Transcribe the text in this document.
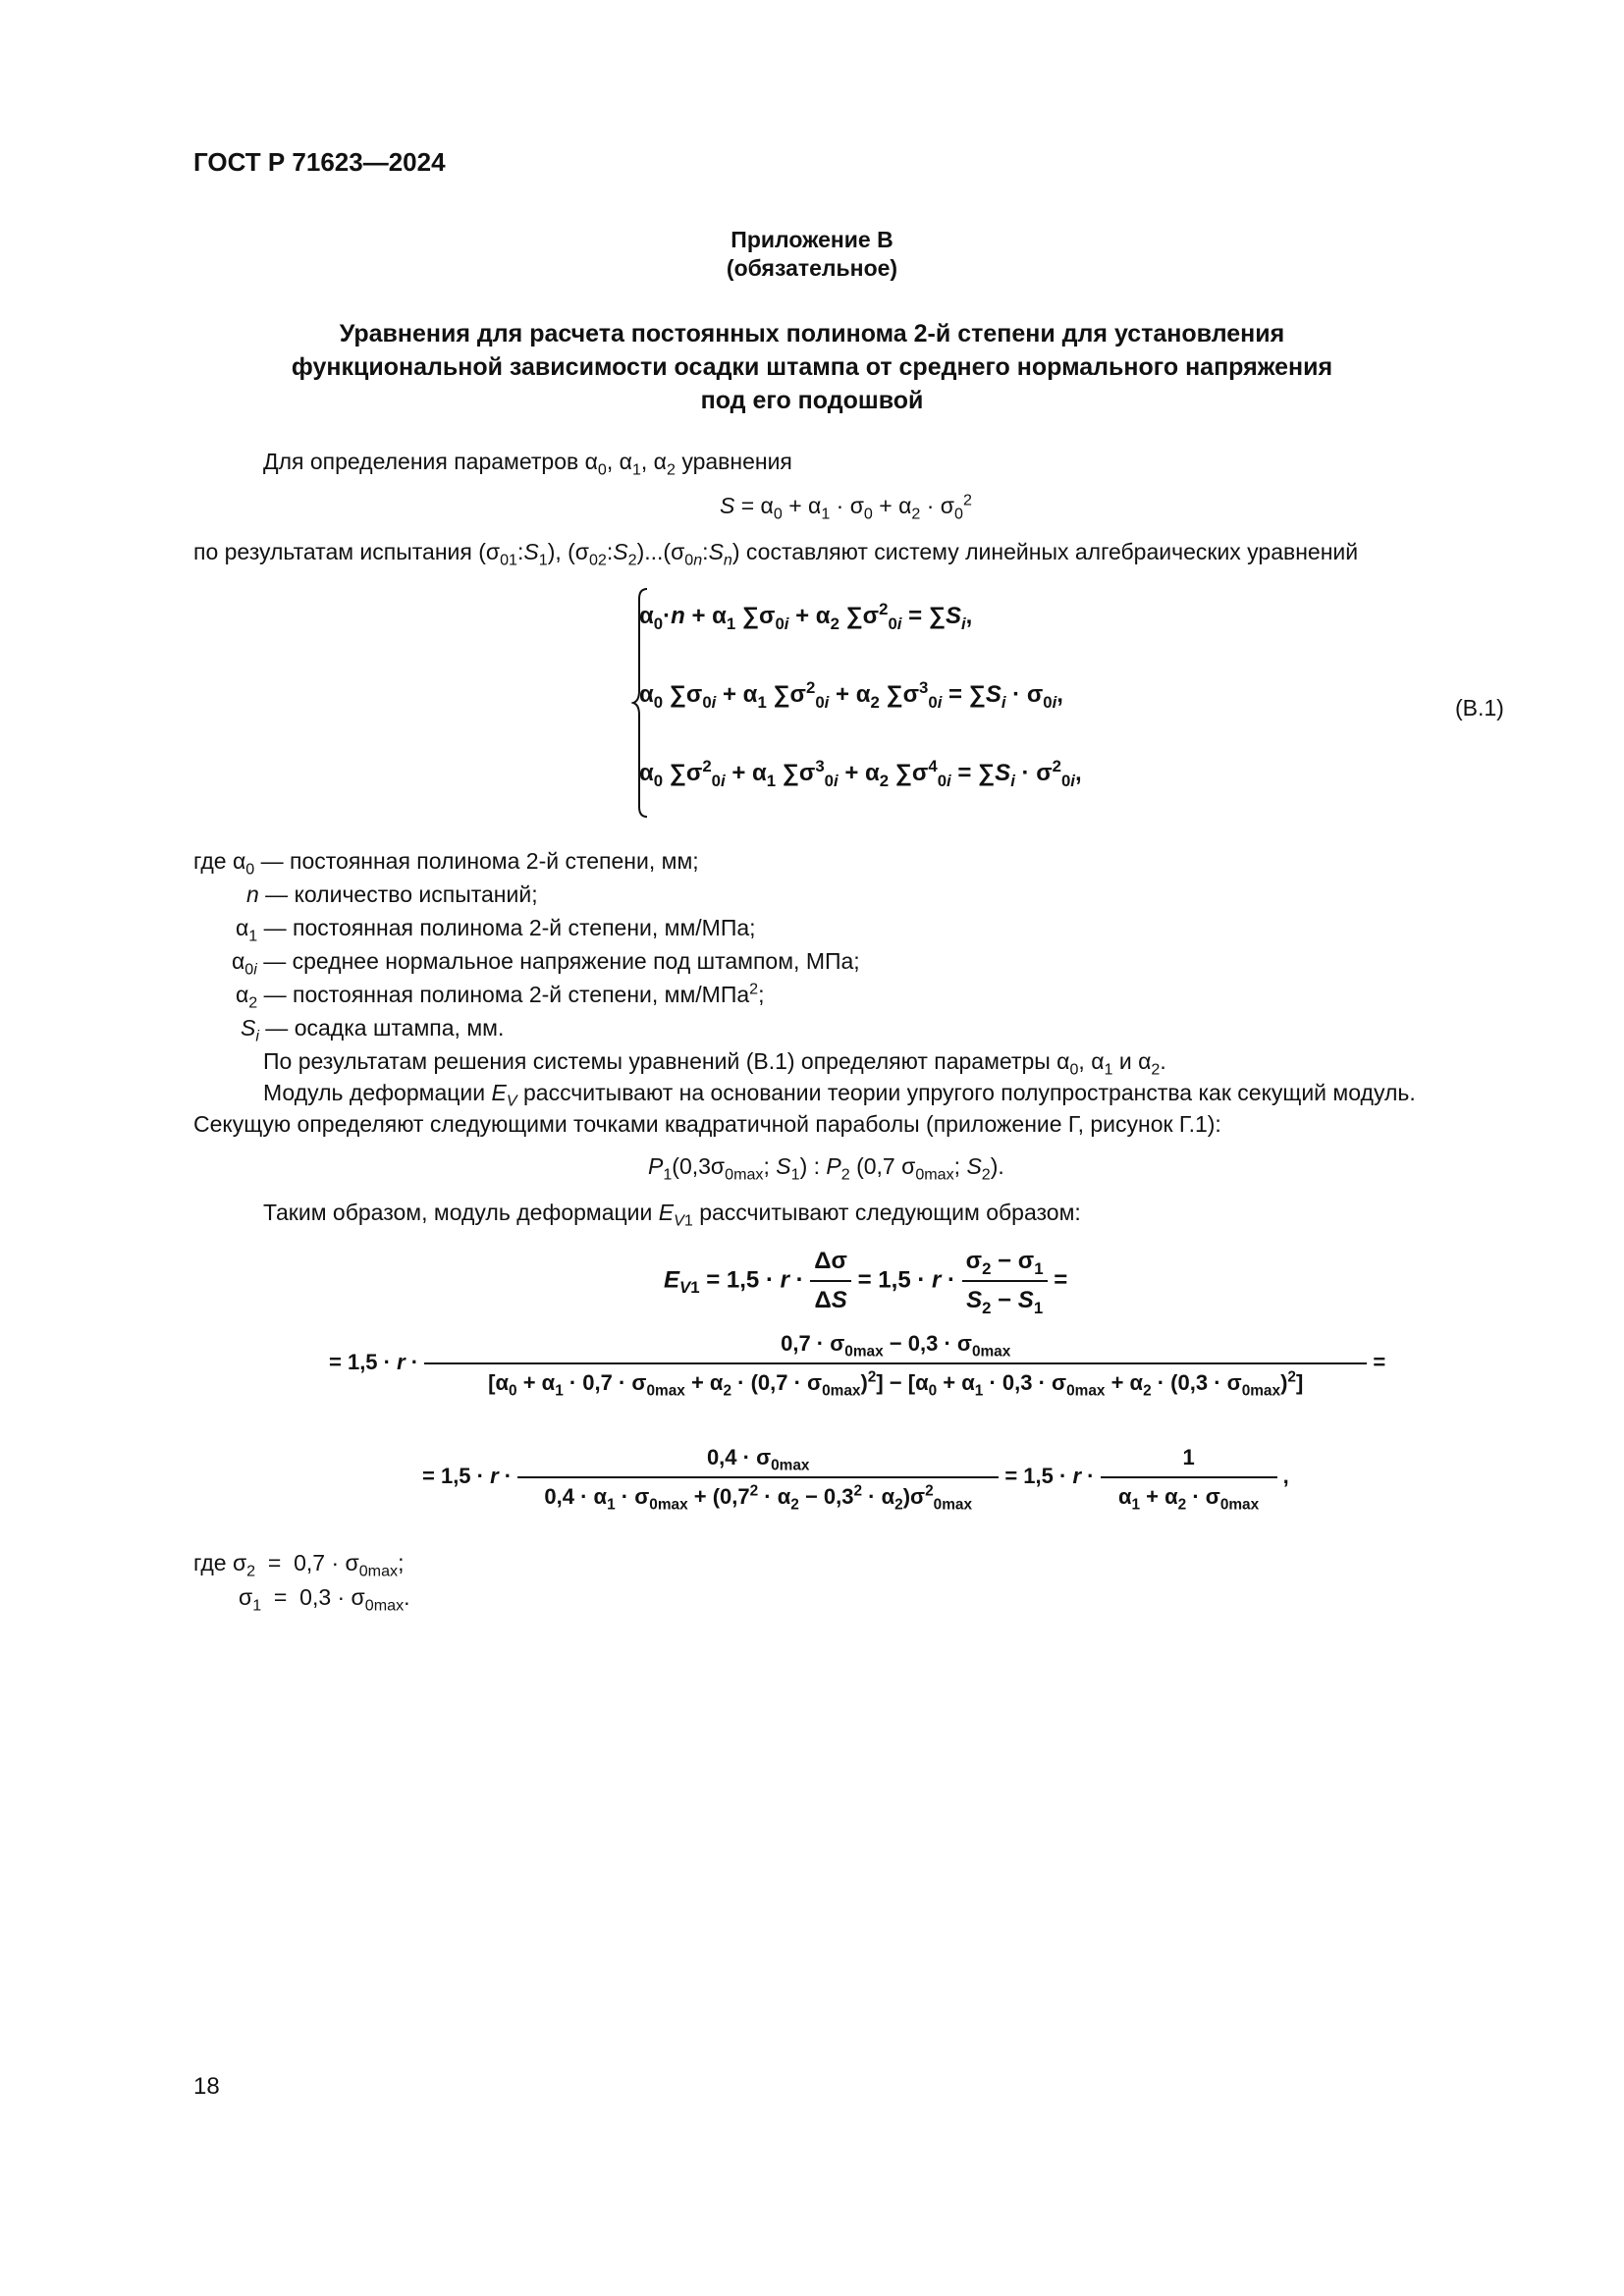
ГОСТ Р 71623—2024
Приложение В
(обязательное)
Уравнения для расчета постоянных полинома 2-й степени для установления
функциональной зависимости осадки штампа от среднего нормального напряжения
под его подошвой
Для определения параметров $\alpha_0$, $\alpha_1$, $\alpha_2$ уравнения
$S = \alpha_0 + \alpha_1 \cdot \sigma_0 + \alpha_2 \cdot \sigma_0^2$
по результатам испытания $(\sigma_{01}:S_1)$, $(\sigma_{02}:S_2)...(\sigma_{0n}:S_n)$ составляют систему линейных алгебраических уравнений
$\alpha_0\cdot n + \alpha_1$ $\sum\sigma_{0i} + \alpha_2$ $\sum\sigma^2_{0i} = \sum S_i$,
$\alpha_0$ $\sum\sigma_{0i} + \alpha_1$ $\sum\sigma^2_{0i} + \alpha_2$ $\sum\sigma^3_{0i} = \sum S_i \cdot \sigma_{0i}$,
$\alpha_0$ $\sum\sigma^2_{0i} + \alpha_1$ $\sum\sigma^3_{0i} + \alpha_2$ $\sum\sigma^4_{0i} = \sum S_i \cdot \sigma^2_{0i}$,
(В.1)
где $\alpha_0$ — постоянная полинома 2-й степени, мм;
n — количество испытаний;
$\alpha_1$ — постоянная полинома 2-й степени, мм/МПа;
$\alpha_{0i}$ — среднее нормальное напряжение под штампом, МПа;
$\alpha_2$ — постоянная полинома 2-й степени, мм/МПа$^2$;
$S_i$ — осадка штампа, мм.
По результатам решения системы уравнений (В.1) определяют параметры $\alpha_0$, $\alpha_1$ и $\alpha_2$.
Модуль деформации $E_V$ рассчитывают на основании теории упругого полупространства как секущий модуль.
Секущую определяют следующими точками квадратичной параболы (приложение Г, рисунок Г.1):
$P_1(0,3\sigma_{0max}$; $S_1$) : $P_2$ (0,7 $\sigma_{0max}$; $S_2$).
Таким образом, модуль деформации $E_{V1}$ рассчитывают следующим образом:
$E_{V1} = 1,5 \cdot r \cdot \frac{\Delta\sigma}{\Delta S} = 1,5 \cdot r \cdot \frac{\sigma_2 - \sigma_1}{S_2 - S_1}$ =
= 1,5 · r ·
$0,7 \cdot \sigma_{0max} - 0,3 \cdot \sigma_{0max}$
$[\alpha_0 + \alpha_1 \cdot 0,7 \cdot \sigma_{0max} + \alpha_2 \cdot (0,7 \cdot \sigma_{0max})^2] - [\alpha_0 + \alpha_1 \cdot 0,3 \cdot \sigma_{0max} + \alpha_2 \cdot (0,3 \cdot \sigma_{0max})^2]$
=
= $1,5 \cdot r \cdot \frac{0,4 \cdot \sigma_{0max}}{0,4 \cdot \alpha_1 \cdot \sigma_{0max} + (0,7^2 \cdot \alpha_2 - 0,3^2 \cdot \alpha_2)\sigma^2_{0max}} = 1,5 \cdot r \cdot \frac{1}{\alpha_1 + \alpha_2 \cdot \sigma_{0max}}$ ,
где $\sigma_2 = 0,7 \cdot \sigma_{0max}$;
$\sigma_1 = 0,3 \cdot \sigma_{0max}$.
18
